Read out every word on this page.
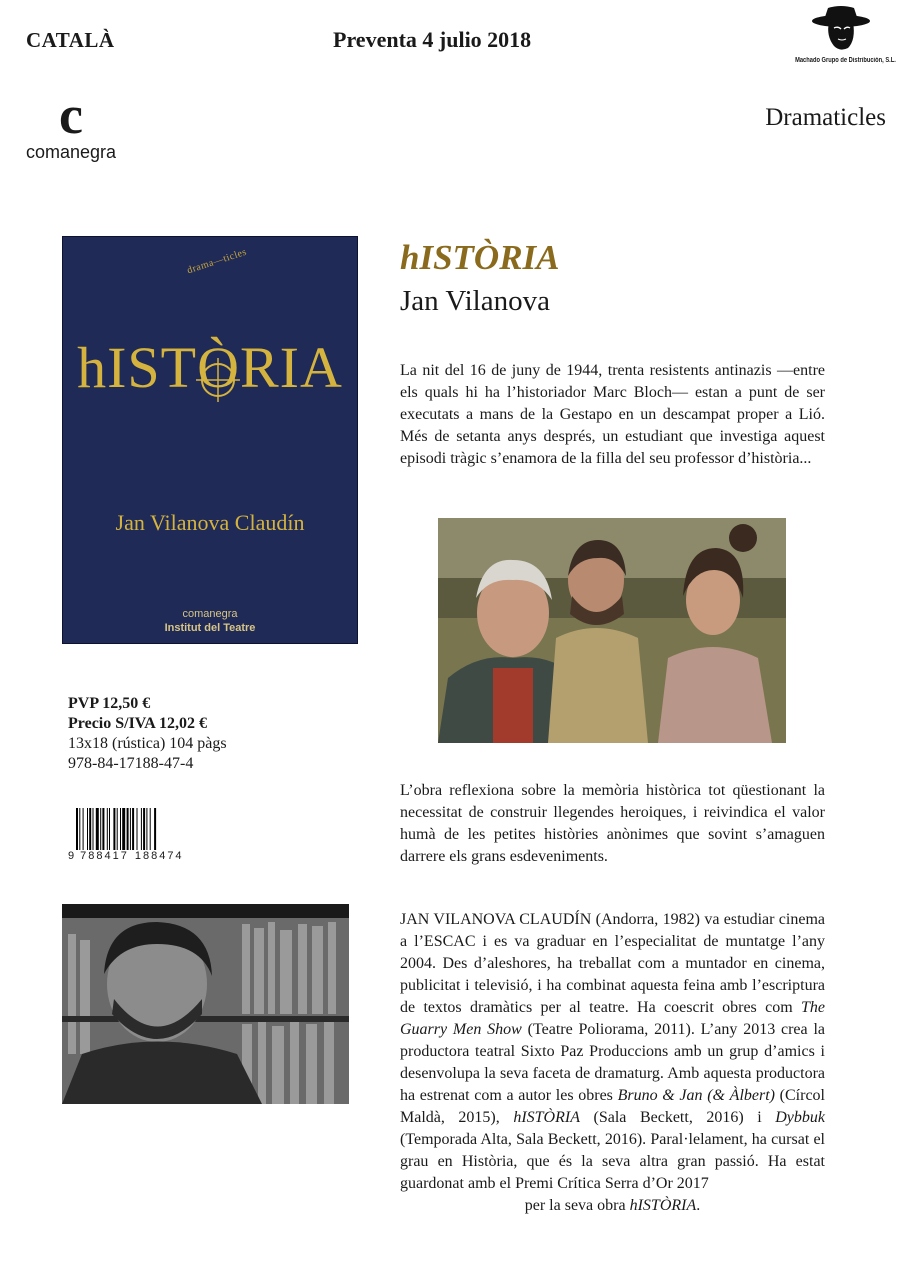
CATALÀ	Preventa 4 julio 2018
Machado Grupo de Distribución, S.L.
c
comanegra
Dramaticles
drama—ticles
hISTÒRIA
Jan Vilanova Claudín
comanegra
Institut del Teatre
hISTÒRIA
Jan Vilanova

La nit del 16 de juny de 1944, trenta resistents antinazis —entre els quals hi ha l’historiador Marc Bloch— estan a punt de ser executats a mans de la Gestapo en un descampat proper a Lió. Més de setanta anys després, un estudiant que investiga aquest episodi tràgic s’enamora de la filla del seu professor d’història...

L’obra reflexiona sobre la memòria històrica tot qüestionant la necessitat de construir llegendes heroiques, i reivindica el valor humà de les petites històries anònimes que sovint s’amaguen darrere els grans esdeveniments.

PVP 12,50 €
Precio S/IVA 12,02 €
13x18 (rústica) 104 pàgs
978-84-17188-47-4
9 788417 188474
JAN VILANOVA CLAUDÍN (Andorra, 1982) va estudiar cinema a l’ESCAC i es va graduar en l’especialitat de muntatge l’any 2004. Des d’aleshores, ha treballat com a muntador en cinema, publicitat i televisió, i ha combinat aquesta feina amb l’escriptura de textos dramàtics per al teatre. Ha coescrit obres com The Guarry Men Show (Teatre Poliorama, 2011). L’any 2013 crea la productora teatral Sixto Paz Produccions amb un grup d’amics i desenvolupa la seva faceta de dramaturg. Amb aquesta productora ha estrenat com a autor les obres Bruno & Jan (& Àlbert) (Círcol Maldà, 2015), hISTÒRIA (Sala Beckett, 2016) i Dybbuk (Temporada Alta, Sala Beckett, 2016). Paral·lelament, ha cursat el grau en Història, que és la seva altra gran passió. Ha estat guardonat amb el Premi Crítica Serra d’Or 2017
per la seva obra hISTÒRIA.
